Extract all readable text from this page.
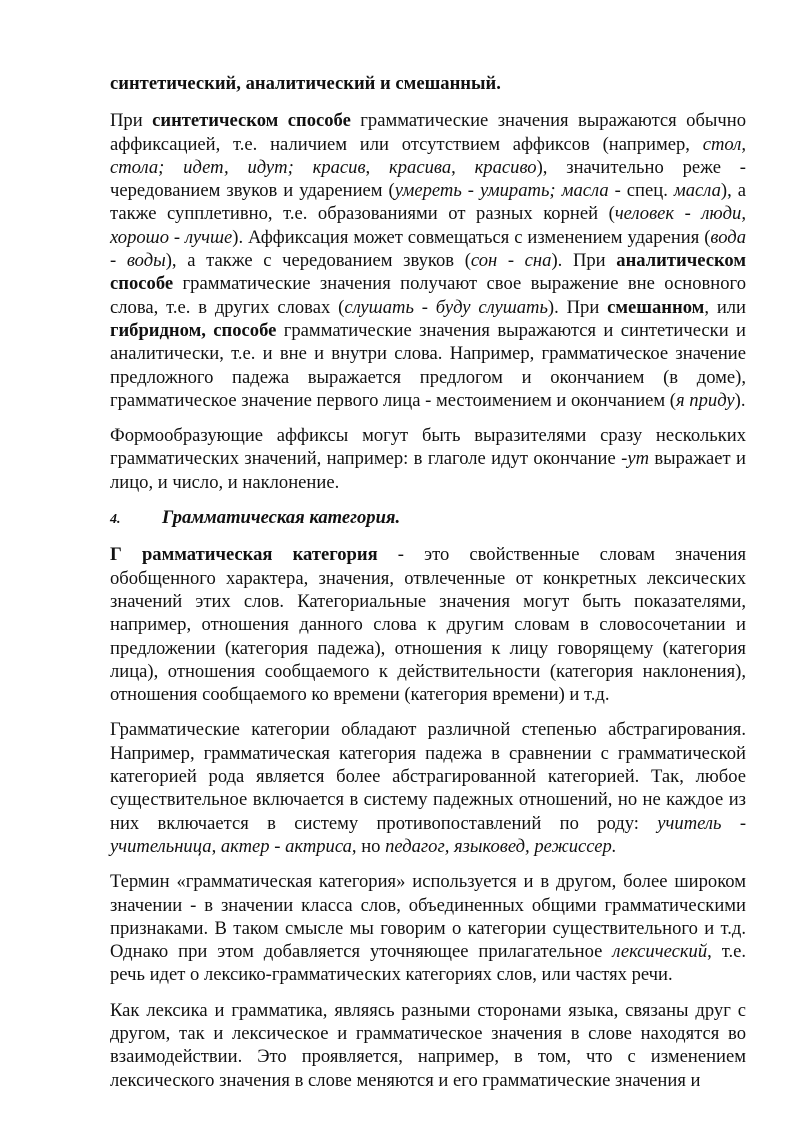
синтетический, аналитический и смешанный.

При синтетическом способе грамматические значения выражаются обычно аффиксацией, т.е. наличием или отсутствием аффиксов (например, стол, стола; идет, идут; красив, красива, красиво), значительно реже - чередованием звуков и ударением (умереть - умирать; масла - спец. масла), а также супплетивно, т.е. образованиями от разных корней (человек - люди, хорошо - лучше). Аффиксация может совмещаться с изменением ударения (вода - воды), а также с чередованием звуков (сон - сна). При аналитическом способе грамматические значения получают свое выражение вне основного слова, т.е. в других словах (слушать - буду слушать). При смешанном, или гибридном, способе грамматические значения выражаются и синтетически и аналитически, т.е. и вне и внутри слова. Например, грамматическое значение предложного падежа выражается предлогом и окончанием (в доме), грамматическое значение первого лица - местоимением и окончанием (я приду).

Формообразующие аффиксы могут быть выразителями сразу нескольких грамматических значений, например: в глаголе идут окончание -ут выражает и лицо, и число, и наклонение.

4.	Грамматическая категория.

Г рамматическая категория - это свойственные словам значения обобщенного характера, значения, отвлеченные от конкретных лексических значений этих слов. Категориальные значения могут быть показателями, например, отношения данного слова к другим словам в словосочетании и предложении (категория падежа), отношения к лицу говорящему (категория лица), отношения сообщаемого к действительности (категория наклонения), отношения сообщаемого ко времени (категория времени) и т.д.

Грамматические категории обладают различной степенью абстрагирования. Например, грамматическая категория падежа в сравнении с грамматической категорией рода является более абстрагированной категорией. Так, любое существительное включается в систему падежных отношений, но не каждое из них включается в систему противопоставлений по роду: учитель - учительница, актер - актриса, но педагог, языковед, режиссер.

Термин «грамматическая категория» используется и в другом, более широком значении - в значении класса слов, объединенных общими грамматическими признаками. В таком смысле мы говорим о категории существительного и т.д. Однако при этом добавляется уточняющее прилагательное лексический, т.е. речь идет о лексико-грамматических категориях слов, или частях речи.

Как лексика и грамматика, являясь разными сторонами языка, связаны друг с другом, так и лексическое и грамматическое значения в слове находятся во взаимодействии. Это проявляется, например, в том, что с изменением лексического значения в слове меняются и его грамматические значения и
